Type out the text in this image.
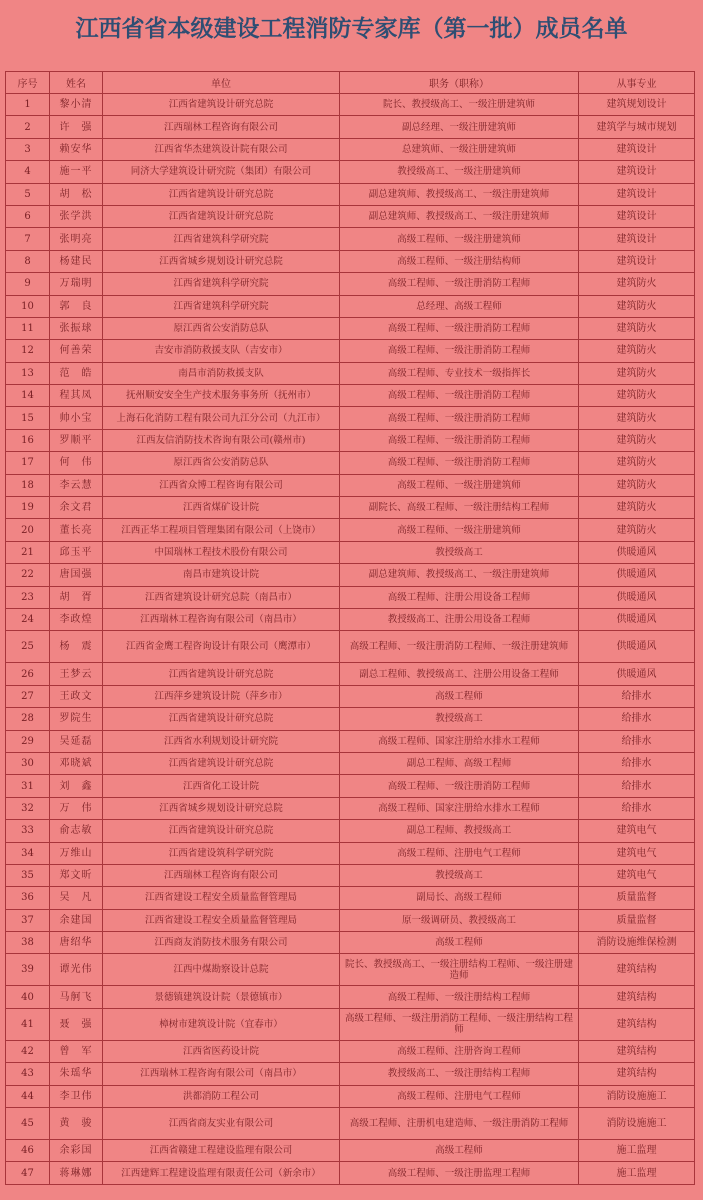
江西省省本级建设工程消防专家库（第一批）成员名单
序号	姓名	单位	职务（职称）	从事专业
1	黎小清	江西省建筑设计研究总院	院长、教授级高工、一级注册建筑师	建筑规划设计
2	许　强	江西瑞林工程咨询有限公司	副总经理、一级注册建筑师	建筑学与城市规划
3	赖安华	江西省华杰建筑设计院有限公司	总建筑师、一级注册建筑师	建筑设计
4	施一平	同济大学建筑设计研究院（集团）有限公司	教授级高工、一级注册建筑师	建筑设计
5	胡　松	江西省建筑设计研究总院	副总建筑师、教授级高工、一级注册建筑师	建筑设计
6	张学洪	江西省建筑设计研究总院	副总建筑师、教授级高工、一级注册建筑师	建筑设计
7	张明亮	江西省建筑科学研究院	高级工程师、一级注册建筑师	建筑设计
8	杨建民	江西省城乡规划设计研究总院	高级工程师、一级注册结构师	建筑设计
9	万瑞明	江西省建筑科学研究院	高级工程师、一级注册消防工程师	建筑防火
10	郭　良	江西省建筑科学研究院	总经理、高级工程师	建筑防火
11	张振球	原江西省公安消防总队	高级工程师、一级注册消防工程师	建筑防火
12	何善荣	吉安市消防救援支队（吉安市）	高级工程师、一级注册消防工程师	建筑防火
13	范　皓	南昌市消防救援支队	高级工程师、专业技术一级指挥长	建筑防火
14	程其凤	抚州顺安安全生产技术服务事务所（抚州市）	高级工程师、一级注册消防工程师	建筑防火
15	帅小宝	上海石化消防工程有限公司九江分公司（九江市）	高级工程师、一级注册消防工程师	建筑防火
16	罗顺平	江西友信消防技术咨询有限公司(赣州市)	高级工程师、一级注册消防工程师	建筑防火
17	何　伟	原江西省公安消防总队	高级工程师、一级注册消防工程师	建筑防火
18	李云慧	江西省众博工程咨询有限公司	高级工程师、一级注册建筑师	建筑防火
19	余文君	江西省煤矿设计院	副院长、高级工程师、一级注册结构工程师	建筑防火
20	董长亮	江西正华工程项目管理集团有限公司（上饶市）	高级工程师、一级注册建筑师	建筑防火
21	邱玉平	中国瑞林工程技术股份有限公司	教授级高工	供暖通风
22	唐国强	南昌市建筑设计院	副总建筑师、教授级高工、一级注册建筑师	供暖通风
23	胡　胥	江西省建筑设计研究总院（南昌市）	高级工程师、注册公用设备工程师	供暖通风
24	李政煌	江西瑞林工程咨询有限公司（南昌市）	教授级高工、注册公用设备工程师	供暖通风
25	杨　震	江西省金鹰工程咨询设计有限公司（鹰潭市）	高级工程师、一级注册消防工程师、一级注册建筑师	供暖通风
26	王梦云	江西省建筑设计研究总院	副总工程师、教授级高工、注册公用设备工程师	供暖通风
27	王政文	江西萍乡建筑设计院（萍乡市）	高级工程师	给排水
28	罗院生	江西省建筑设计研究总院	教授级高工	给排水
29	吴延磊	江西省水利规划设计研究院	高级工程师、国家注册给水排水工程师	给排水
30	邓晓斌	江西省建筑设计研究总院	副总工程师、高级工程师	给排水
31	刘　鑫	江西省化工设计院	高级工程师、一级注册消防工程师	给排水
32	万　伟	江西省城乡规划设计研究总院	高级工程师、国家注册给水排水工程师	给排水
33	俞志敏	江西省建筑设计研究总院	副总工程师、教授级高工	建筑电气
34	万维山	江西省建设筑科学研究院	高级工程师、注册电气工程师	建筑电气
35	郑文昕	江西瑞林工程咨询有限公司	教授级高工	建筑电气
36	吴　凡	江西省建设工程安全质量监督管理局	副局长、高级工程师	质量监督
37	余建国	江西省建设工程安全质量监督管理局	原一级调研员、教授级高工	质量监督
38	唐绍华	江西商友消防技术服务有限公司	高级工程师	消防设施维保检测
39	谭光伟	江西中煤勘察设计总院	院长、教授级高工、一级注册结构工程师、一级注册建造师	建筑结构
40	马舸飞	景德镇建筑设计院（景德镇市）	高级工程师、一级注册结构工程师	建筑结构
41	聂　强	樟树市建筑设计院（宜春市）	高级工程师、一级注册消防工程师、一级注册结构工程师	建筑结构
42	曾　军	江西省医药设计院	高级工程师、注册咨询工程师	建筑结构
43	朱瑶华	江西瑞林工程咨询有限公司（南昌市）	教授级高工、一级注册结构工程师	建筑结构
44	李卫伟	洪都消防工程公司	高级工程师、注册电气工程师	消防设施施工
45	黄　骏	江西省商友实业有限公司	高级工程师、注册机电建造师、一级注册消防工程师	消防设施施工
46	余彩国	江西省赣建工程建设监理有限公司	高级工程师	施工监理
47	蒋琳娜	江西建辉工程建设监理有限责任公司（新余市）	高级工程师、一级注册监理工程师	施工监理
